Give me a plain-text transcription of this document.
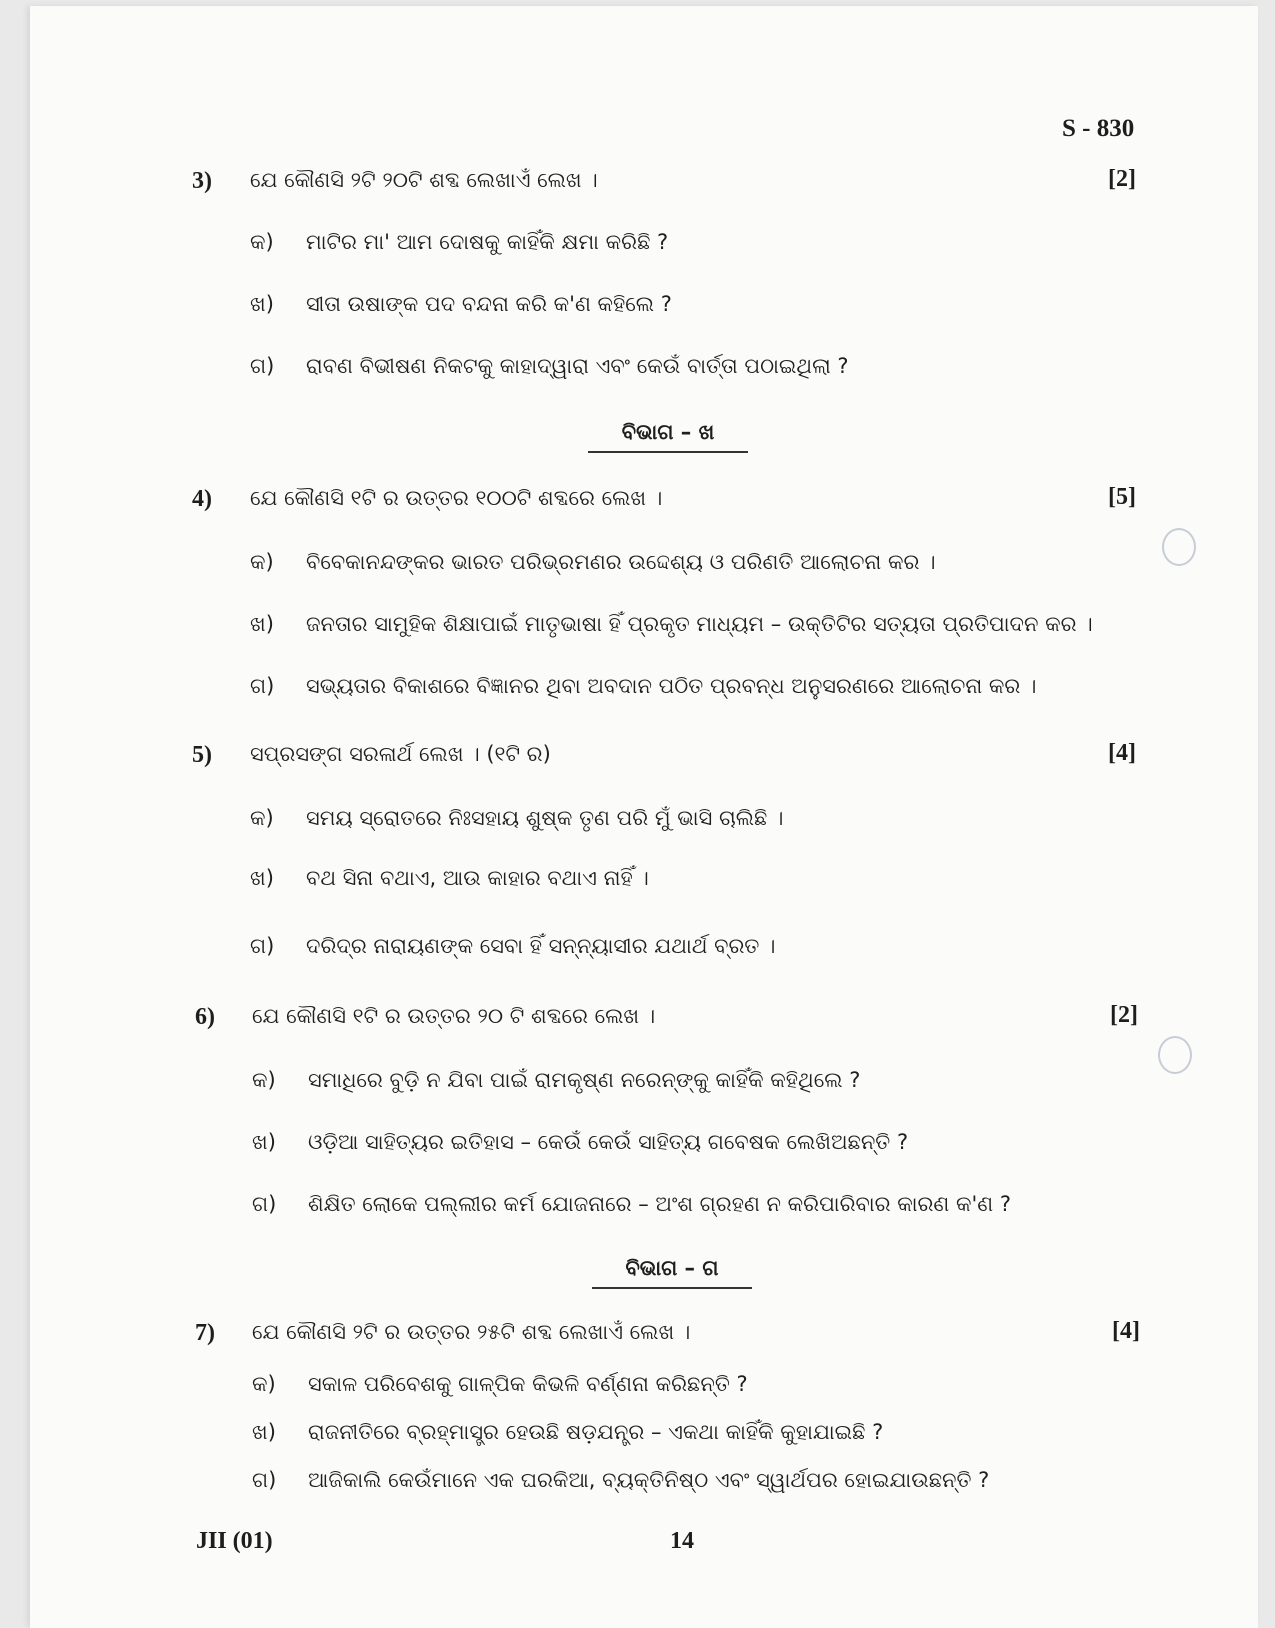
S - 830
3) ଯେ କୌଣସି ୨ଟି ୨୦ଟି ଶବ୍ଦ ଲେଖାଏଁ ଲେଖ ।	[2]
କ) ମାଟିର ମା' ଆମ ଦୋଷକୁ କାହିଁକି କ୍ଷମା କରିଛି ?
ଖ) ସୀତା ଉଷାଙ୍କ ପଦ ବନ୍ଦନା କରି କ'ଣ କହିଲେ ?
ଗ) ରାବଣ ବିଭୀଷଣ ନିକଟକୁ କାହାଦ୍ୱାରା ଏବଂ କେଉଁ ବାର୍ତ୍ତା ପଠାଇଥିଲା ?
ବିଭାଗ – ଖ
4) ଯେ କୌଣସି ୧ଟି ର ଉତ୍ତର ୧୦୦ଟି ଶବ୍ଦରେ ଲେଖ ।	[5]
କ) ବିବେକାନନ୍ଦଙ୍କର ଭାରତ ପରିଭ୍ରମଣର ଉଦ୍ଦେଶ୍ୟ ଓ ପରିଣତି ଆଲୋଚନା କର ।
ଖ) ଜନତାର ସାମୁହିକ ଶିକ୍ଷାପାଇଁ ମାତୃଭାଷା ହିଁ ପ୍ରକୃତ ମାଧ୍ୟମ – ଉକ୍ତିଟିର ସତ୍ୟତା ପ୍ରତିପାଦନ କର ।
ଗ) ସଭ୍ୟତାର ବିକାଶରେ ବିଜ୍ଞାନର ଥିବା ଅବଦାନ ପଠିତ ପ୍ରବନ୍ଧ ଅନୁସରଣରେ ଆଲୋଚନା କର ।
5) ସପ୍ରସଙ୍ଗ ସରଳାର୍ଥ ଲେଖ । (୧ଟି ର)	[4]
କ) ସମୟ ସ୍ରୋତରେ ନିଃସହାୟ ଶୁଷ୍କ ତୃଣ ପରି ମୁଁ ଭାସି ଚାଲିଛି ।
ଖ) ବଥ ସିନା ବଥାଏ, ଆଉ କାହାର ବଥାଏ ନାହିଁ ।
ଗ) ଦରିଦ୍ର ନାରାୟଣଙ୍କ ସେବା ହିଁ ସନ୍ନ୍ୟାସୀର ଯଥାର୍ଥ ବ୍ରତ ।
6) ଯେ କୌଣସି ୧ଟି ର ଉତ୍ତର ୨୦ ଟି ଶବ୍ଦରେ ଲେଖ ।	[2]
କ) ସମାଧିରେ ବୁଡ଼ି ନ ଯିବା ପାଇଁ ରାମକୃଷ୍ଣ ନରେନ୍ଙ୍କୁ କାହିଁକି କହିଥିଲେ ?
ଖ) ଓଡ଼ିଆ ସାହିତ୍ୟର ଇତିହାସ – କେଉଁ କେଉଁ ସାହିତ୍ୟ ଗବେଷକ ଲେଖିଅଛନ୍ତି ?
ଗ) ଶିକ୍ଷିତ ଲୋକେ ପଲ୍ଲୀର କର୍ମ ଯୋଜନାରେ – ଅଂଶ ଗ୍ରହଣ ନ କରିପାରିବାର କାରଣ କ'ଣ ?
ବିଭାଗ – ଗ
7) ଯେ କୌଣସି ୨ଟି ର ଉତ୍ତର ୨୫ଟି ଶବ୍ଦ ଲେଖାଏଁ ଲେଖ ।	[4]
କ) ସକାଳ ପରିବେଶକୁ ଗାଳ୍ପିକ କିଭଳି ବର୍ଣ୍ଣନା କରିଛନ୍ତି ?
ଖ) ରାଜନୀତିରେ ବ୍ରହ୍ମାସ୍ତ୍ର ହେଉଛି ଷଡ଼ଯନ୍ତ୍ର – ଏକଥା କାହିଁକି କୁହାଯାଇଛି ?
ଗ) ଆଜିକାଲି କେଉଁମାନେ ଏକ ଘରକିଆ, ବ୍ୟକ୍ତିନିଷ୍ଠ ଏବଂ ସ୍ୱାର୍ଥପର ହୋଇଯାଉଛନ୍ତି ?
JII (01)	14
